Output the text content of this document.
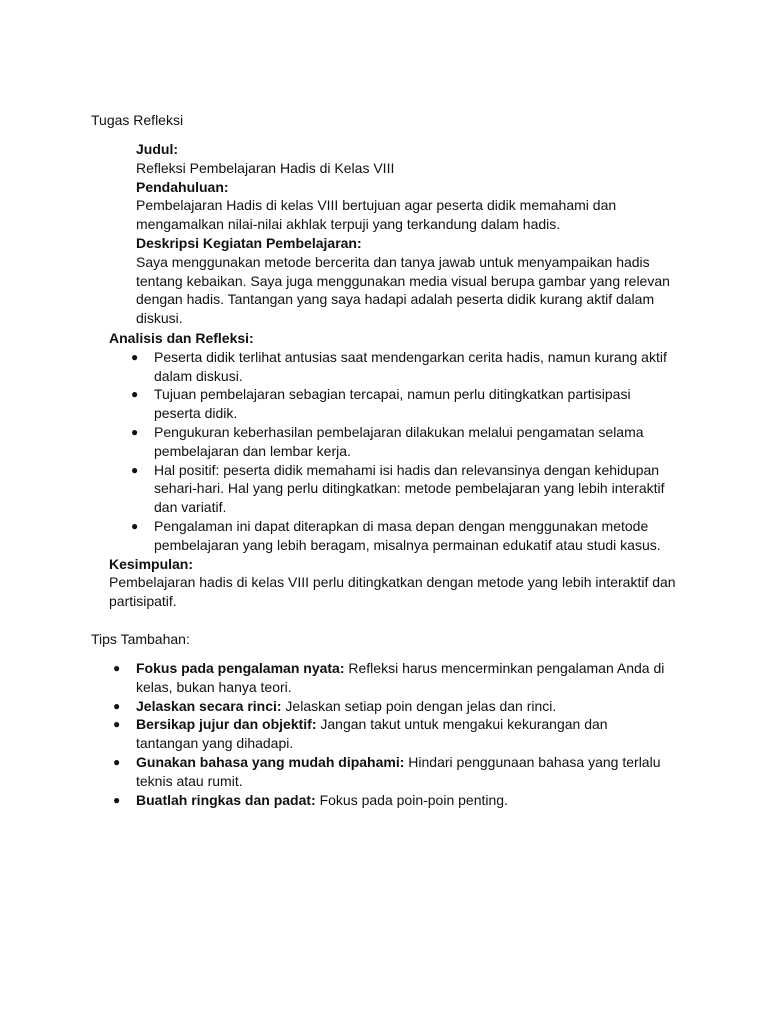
Tugas Refleksi

Judul:

Refleksi Pembelajaran Hadis di Kelas VIII

Pendahuluan:

Pembelajaran Hadis di kelas VIII bertujuan agar peserta didik memahami dan mengamalkan nilai-nilai akhlak terpuji yang terkandung dalam hadis.

Deskripsi Kegiatan Pembelajaran:

Saya menggunakan metode bercerita dan tanya jawab untuk menyampaikan hadis tentang kebaikan. Saya juga menggunakan media visual berupa gambar yang relevan dengan hadis. Tantangan yang saya hadapi adalah peserta didik kurang aktif dalam diskusi.

Analisis dan Refleksi:

● Peserta didik terlihat antusias saat mendengarkan cerita hadis, namun kurang aktif dalam diskusi.
● Tujuan pembelajaran sebagian tercapai, namun perlu ditingkatkan partisipasi peserta didik.
● Pengukuran keberhasilan pembelajaran dilakukan melalui pengamatan selama pembelajaran dan lembar kerja.
● Hal positif: peserta didik memahami isi hadis dan relevansinya dengan kehidupan sehari-hari. Hal yang perlu ditingkatkan: metode pembelajaran yang lebih interaktif dan variatif.
● Pengalaman ini dapat diterapkan di masa depan dengan menggunakan metode pembelajaran yang lebih beragam, misalnya permainan edukatif atau studi kasus.

Kesimpulan:

Pembelajaran hadis di kelas VIII perlu ditingkatkan dengan metode yang lebih interaktif dan partisipatif.

Tips Tambahan:

● Fokus pada pengalaman nyata: Refleksi harus mencerminkan pengalaman Anda di kelas, bukan hanya teori.
● Jelaskan secara rinci: Jelaskan setiap poin dengan jelas dan rinci.
● Bersikap jujur dan objektif: Jangan takut untuk mengakui kekurangan dan tantangan yang dihadapi.
● Gunakan bahasa yang mudah dipahami: Hindari penggunaan bahasa yang terlalu teknis atau rumit.
● Buatlah ringkas dan padat: Fokus pada poin-poin penting.
